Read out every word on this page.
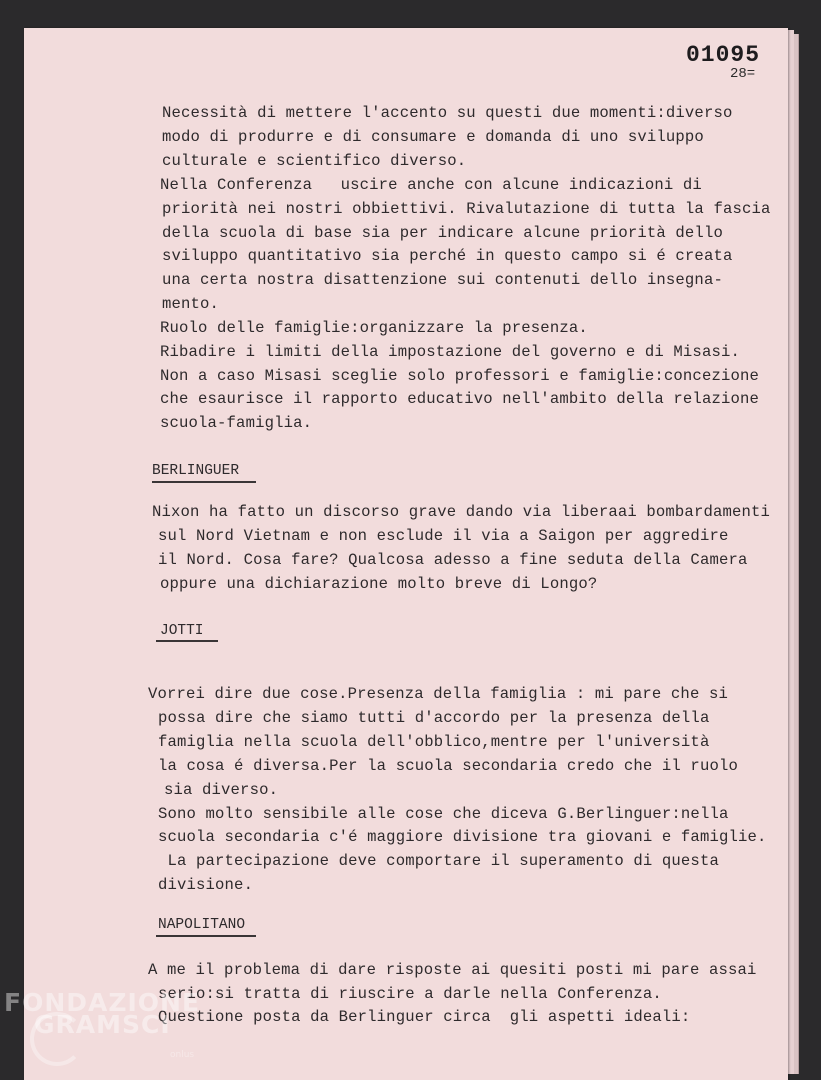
01095
28=
Necessità di mettere l'accento su questi due momenti:diverso
modo di produrre e di consumare e domanda di uno sviluppo
culturale e scientifico diverso.
Nella Conferenza   uscire anche con alcune indicazioni di
priorità nei nostri obbiettivi. Rivalutazione di tutta la fascia
della scuola di base sia per indicare alcune priorità dello
sviluppo quantitativo sia perché in questo campo si é creata
una certa nostra disattenzione sui contenuti dello insegna-
mento.
Ruolo delle famiglie:organizzare la presenza.
Ribadire i limiti della impostazione del governo e di Misasi.
Non a caso Misasi sceglie solo professori e famiglie:concezione
che esaurisce il rapporto educativo nell'ambito della relazione
scuola-famiglia.
BERLINGUER
Nixon ha fatto un discorso grave dando via liberaai bombardamenti
sul Nord Vietnam e non esclude il via a Saigon per aggredire
il Nord. Cosa fare? Qualcosa adesso a fine seduta della Camera
oppure una dichiarazione molto breve di Longo?
JOTTI
Vorrei dire due cose.Presenza della famiglia : mi pare che si
possa dire che siamo tutti d'accordo per la presenza della
famiglia nella scuola dell'obblico,mentre per l'università
la cosa é diversa.Per la scuola secondaria credo che il ruolo
sia diverso.
Sono molto sensibile alle cose che diceva G.Berlinguer:nella
scuola secondaria c'é maggiore divisione tra giovani e famiglie.
La partecipazione deve comportare il superamento di questa
divisione.
NAPOLITANO
A me il problema di dare risposte ai quesiti posti mi pare assai
serio:si tratta di riuscire a darle nella Conferenza.
Questione posta da Berlinguer circa  gli aspetti ideali:
FONDAZIONE
GRAMSCI
onlus
